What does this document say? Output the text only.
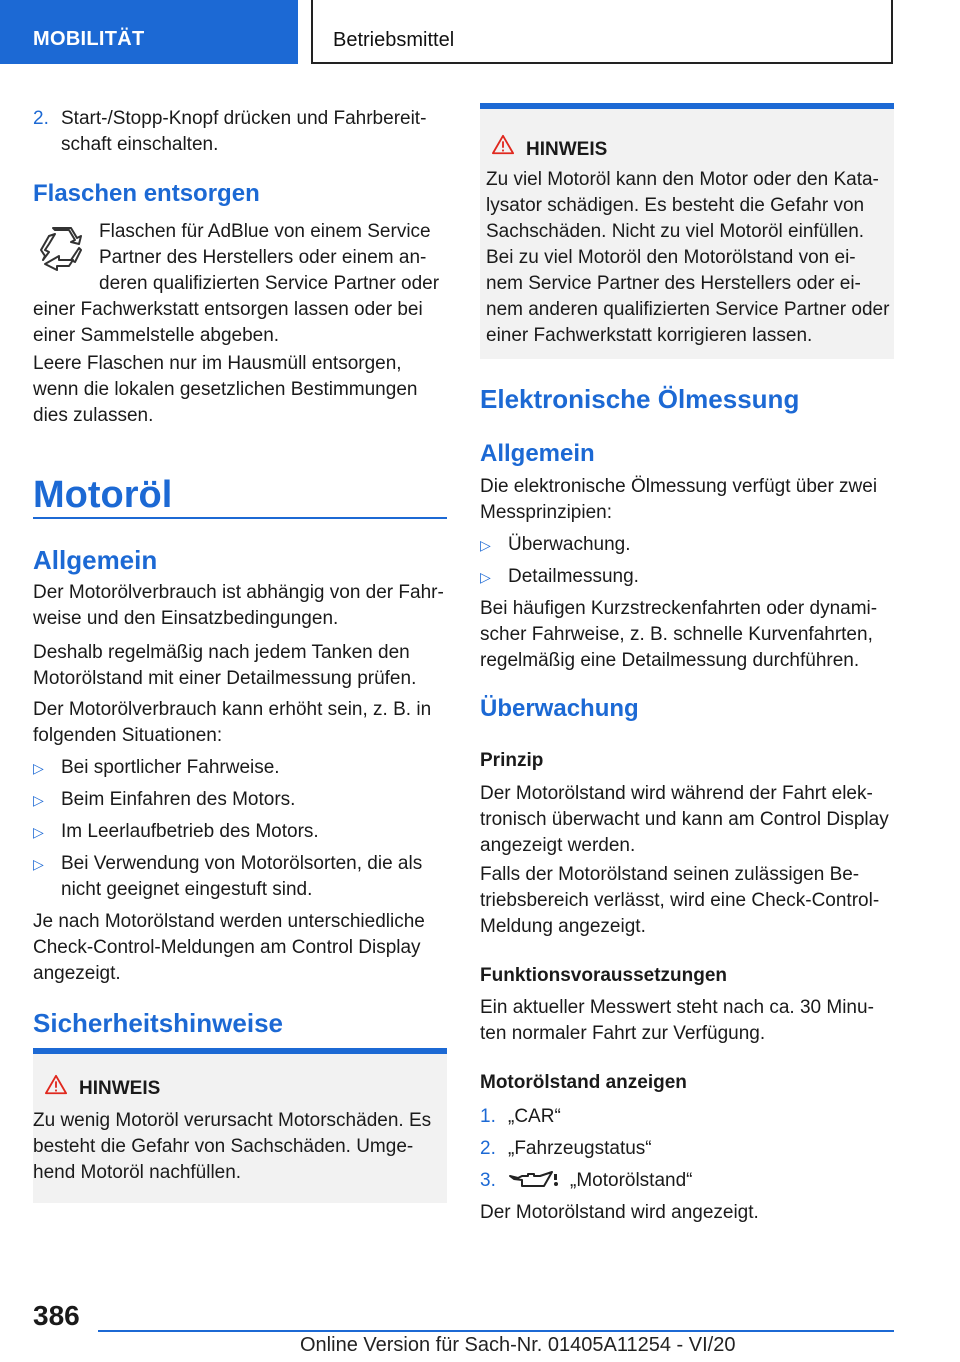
MOBILITÄT	Betriebsmittel
2. Start-/Stopp-Knopf drücken und Fahrbereit-
schaft einschalten.
Flaschen entsorgen
Flaschen für AdBlue von einem Service
Partner des Herstellers oder einem an-
deren qualifizierten Service Partner oder
einer Fachwerkstatt entsorgen lassen oder bei
einer Sammelstelle abgeben.
Leere Flaschen nur im Hausmüll entsorgen,
wenn die lokalen gesetzlichen Bestimmungen
dies zulassen.
Motoröl
Allgemein
Der Motorölverbrauch ist abhängig von der Fahr-
weise und den Einsatzbedingungen.
Deshalb regelmäßig nach jedem Tanken den
Motorölstand mit einer Detailmessung prüfen.
Der Motorölverbrauch kann erhöht sein, z. B. in
folgenden Situationen:
▷ Bei sportlicher Fahrweise.
▷ Beim Einfahren des Motors.
▷ Im Leerlaufbetrieb des Motors.
▷ Bei Verwendung von Motorölsorten, die als
nicht geeignet eingestuft sind.
Je nach Motorölstand werden unterschiedliche
Check-Control-Meldungen am Control Display
angezeigt.
Sicherheitshinweise
HINWEIS
Zu wenig Motoröl verursacht Motorschäden. Es
besteht die Gefahr von Sachschäden. Umge-
hend Motoröl nachfüllen.
HINWEIS
Zu viel Motoröl kann den Motor oder den Kata-
lysator schädigen. Es besteht die Gefahr von
Sachschäden. Nicht zu viel Motoröl einfüllen.
Bei zu viel Motoröl den Motorölstand von ei-
nem Service Partner des Herstellers oder ei-
nem anderen qualifizierten Service Partner oder
einer Fachwerkstatt korrigieren lassen.
Elektronische Ölmessung
Allgemein
Die elektronische Ölmessung verfügt über zwei
Messprinzipien:
▷ Überwachung.
▷ Detailmessung.
Bei häufigen Kurzstreckenfahrten oder dynami-
scher Fahrweise, z. B. schnelle Kurvenfahrten,
regelmäßig eine Detailmessung durchführen.
Überwachung
Prinzip
Der Motorölstand wird während der Fahrt elek-
tronisch überwacht und kann am Control Display
angezeigt werden.
Falls der Motorölstand seinen zulässigen Be-
triebsbereich verlässt, wird eine Check-Control-
Meldung angezeigt.
Funktionsvoraussetzungen
Ein aktueller Messwert steht nach ca. 30 Minu-
ten normaler Fahrt zur Verfügung.
Motorölstand anzeigen
1. „CAR“
2. „Fahrzeugstatus“
3.	„Motorölstand“
Der Motorölstand wird angezeigt.
386
Online Version für Sach-Nr. 01405A11254 - VI/20
